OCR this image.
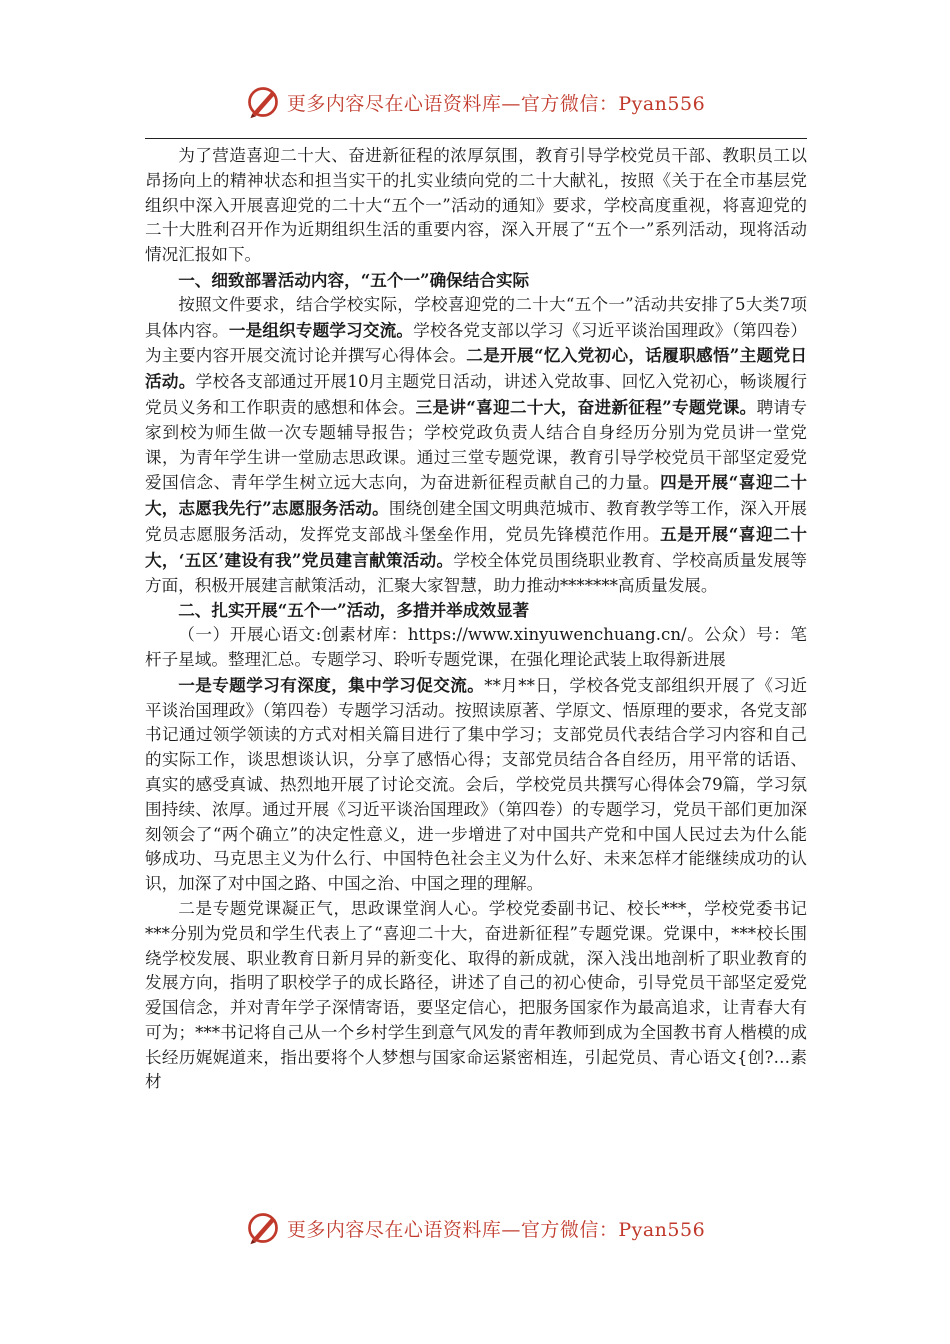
更多内容尽在心语资料库—官方微信：Pyan556

为了营造喜迎二十大、奋进新征程的浓厚氛围，教育引导学校党员干部、教职员工以昂扬向上的精神状态和担当实干的扎实业绩向党的二十大献礼，按照《关于在全市基层党组织中深入开展喜迎党的二十大“五个一”活动的通知》要求，学校高度重视，将喜迎党的二十大胜利召开作为近期组织生活的重要内容，深入开展了“五个一”系列活动，现将活动情况汇报如下。

一、细致部署活动内容，“五个一”确保结合实际

按照文件要求，结合学校实际，学校喜迎党的二十大“五个一”活动共安排了5大类7项具体内容。一是组织专题学习交流。学校各党支部以学习《习近平谈治国理政》（第四卷）为主要内容开展交流讨论并撰写心得体会。二是开展“忆入党初心，话履职感悟”主题党日活动。学校各支部通过开展10月主题党日活动，讲述入党故事、回忆入党初心，畅谈履行党员义务和工作职责的感想和体会。三是讲“喜迎二十大，奋进新征程”专题党课。聘请专家到校为师生做一次专题辅导报告；学校党政负责人结合自身经历分别为党员讲一堂党课，为青年学生讲一堂励志思政课。通过三堂专题党课，教育引导学校党员干部坚定爱党爱国信念、青年学生树立远大志向，为奋进新征程贡献自己的力量。四是开展“喜迎二十大，志愿我先行”志愿服务活动。围绕创建全国文明典范城市、教育教学等工作，深入开展党员志愿服务活动，发挥党支部战斗堡垒作用，党员先锋模范作用。五是开展“喜迎二十大，‘五区’建设有我”党员建言献策活动。学校全体党员围绕职业教育、学校高质量发展等方面，积极开展建言献策活动，汇聚大家智慧，助力推动*******高质量发展。

二、扎实开展“五个一”活动，多措并举成效显著

（一）开展心语文:创素材库：https://www.xinyuwenchuang.cn/。公众）号：笔杆子星域。整理汇总。专题学习、聆听专题党课，在强化理论武装上取得新进展

一是专题学习有深度，集中学习促交流。**月**日，学校各党支部组织开展了《习近平谈治国理政》（第四卷）专题学习活动。按照读原著、学原文、悟原理的要求，各党支部书记通过领学领读的方式对相关篇目进行了集中学习；支部党员代表结合学习内容和自己的实际工作，谈思想谈认识，分享了感悟心得；支部党员结合各自经历，用平常的话语、真实的感受真诚、热烈地开展了讨论交流。会后，学校党员共撰写心得体会79篇，学习氛围持续、浓厚。通过开展《习近平谈治国理政》（第四卷）的专题学习，党员干部们更加深刻领会了“两个确立”的决定性意义，进一步增进了对中国共产党和中国人民过去为什么能够成功、马克思主义为什么行、中国特色社会主义为什么好、未来怎样才能继续成功的认识，加深了对中国之路、中国之治、中国之理的理解。

二是专题党课凝正气，思政课堂润人心。学校党委副书记、校长***，学校党委书记***分别为党员和学生代表上了“喜迎二十大，奋进新征程”专题党课。党课中，***校长围绕学校发展、职业教育日新月异的新变化、取得的新成就，深入浅出地剖析了职业教育的发展方向，指明了职校学子的成长路径，讲述了自己的初心使命，引导党员干部坚定爱党爱国信念，并对青年学子深情寄语，要坚定信心，把服务国家作为最高追求，让青春大有可为；***书记将自己从一个乡村学生到意气风发的青年教师到成为全国教书育人楷模的成长经历娓娓道来，指出要将个人梦想与国家命运紧密相连，引起党员、青心语文{创?…素材

更多内容尽在心语资料库—官方微信：Pyan556
